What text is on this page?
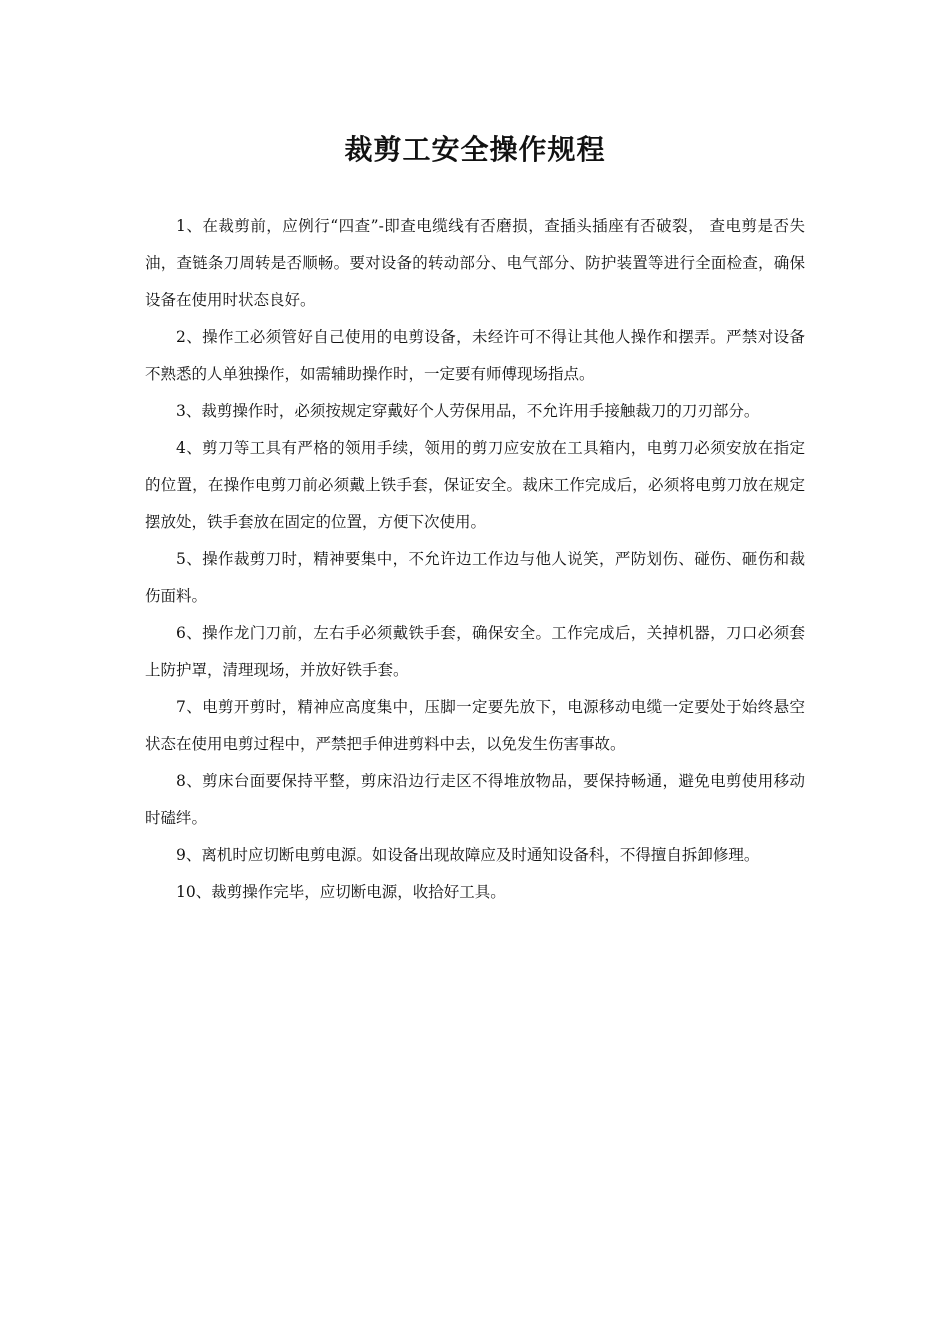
裁剪工安全操作规程

1、在裁剪前，应例行“四查”-即查电缆线有否磨损，查插头插座有否破裂， 查电剪是否失油，查链条刀周转是否顺畅。要对设备的转动部分、电气部分、防护装置等进行全面检查，确保设备在使用时状态良好。

2、操作工必须管好自己使用的电剪设备，未经许可不得让其他人操作和摆弄。严禁对设备不熟悉的人单独操作，如需辅助操作时，一定要有师傅现场指点。

3、裁剪操作时，必须按规定穿戴好个人劳保用品，不允许用手接触裁刀的刀刃部分。

4、剪刀等工具有严格的领用手续，领用的剪刀应安放在工具箱内，电剪刀必须安放在指定的位置，在操作电剪刀前必须戴上铁手套，保证安全。裁床工作完成后，必须将电剪刀放在规定摆放处，铁手套放在固定的位置，方便下次使用。

5、操作裁剪刀时，精神要集中，不允许边工作边与他人说笑，严防划伤、碰伤、砸伤和裁伤面料。

6、操作龙门刀前，左右手必须戴铁手套，确保安全。工作完成后，关掉机器，刀口必须套上防护罩，清理现场，并放好铁手套。

7、电剪开剪时，精神应高度集中，压脚一定要先放下，电源移动电缆一定要处于始终悬空状态在使用电剪过程中，严禁把手伸进剪料中去，以免发生伤害事故。

8、剪床台面要保持平整，剪床沿边行走区不得堆放物品，要保持畅通，避免电剪使用移动时磕绊。

9、离机时应切断电剪电源。如设备出现故障应及时通知设备科，不得擅自拆卸修理。

10、裁剪操作完毕，应切断电源，收拾好工具。
